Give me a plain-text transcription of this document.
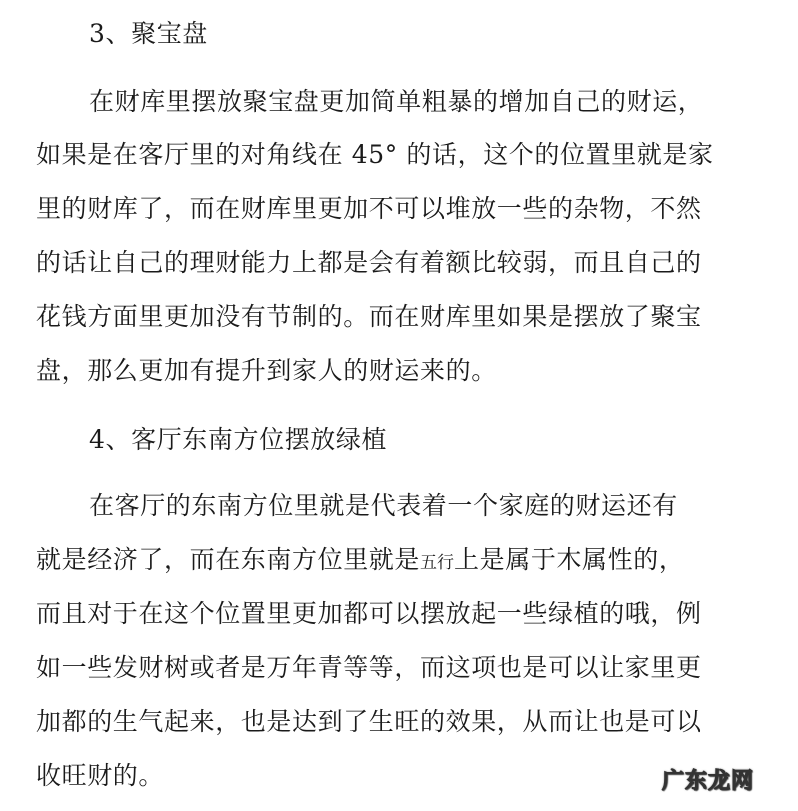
3、聚宝盘
在财库里摆放聚宝盘更加简单粗暴的增加自己的财运，
如果是在客厅里的对角线在 45° 的话，这个的位置里就是家
里的财库了，而在财库里更加不可以堆放一些的杂物，不然
的话让自己的理财能力上都是会有着额比较弱，而且自己的
花钱方面里更加没有节制的。而在财库里如果是摆放了聚宝
盘，那么更加有提升到家人的财运来的。
4、客厅东南方位摆放绿植
在客厅的东南方位里就是代表着一个家庭的财运还有
就是经济了，而在东南方位里就是五行上是属于木属性的，
而且对于在这个位置里更加都可以摆放起一些绿植的哦，例
如一些发财树或者是万年青等等，而这项也是可以让家里更
加都的生气起来，也是达到了生旺的效果，从而让也是可以
收旺财的。	广东龙网
